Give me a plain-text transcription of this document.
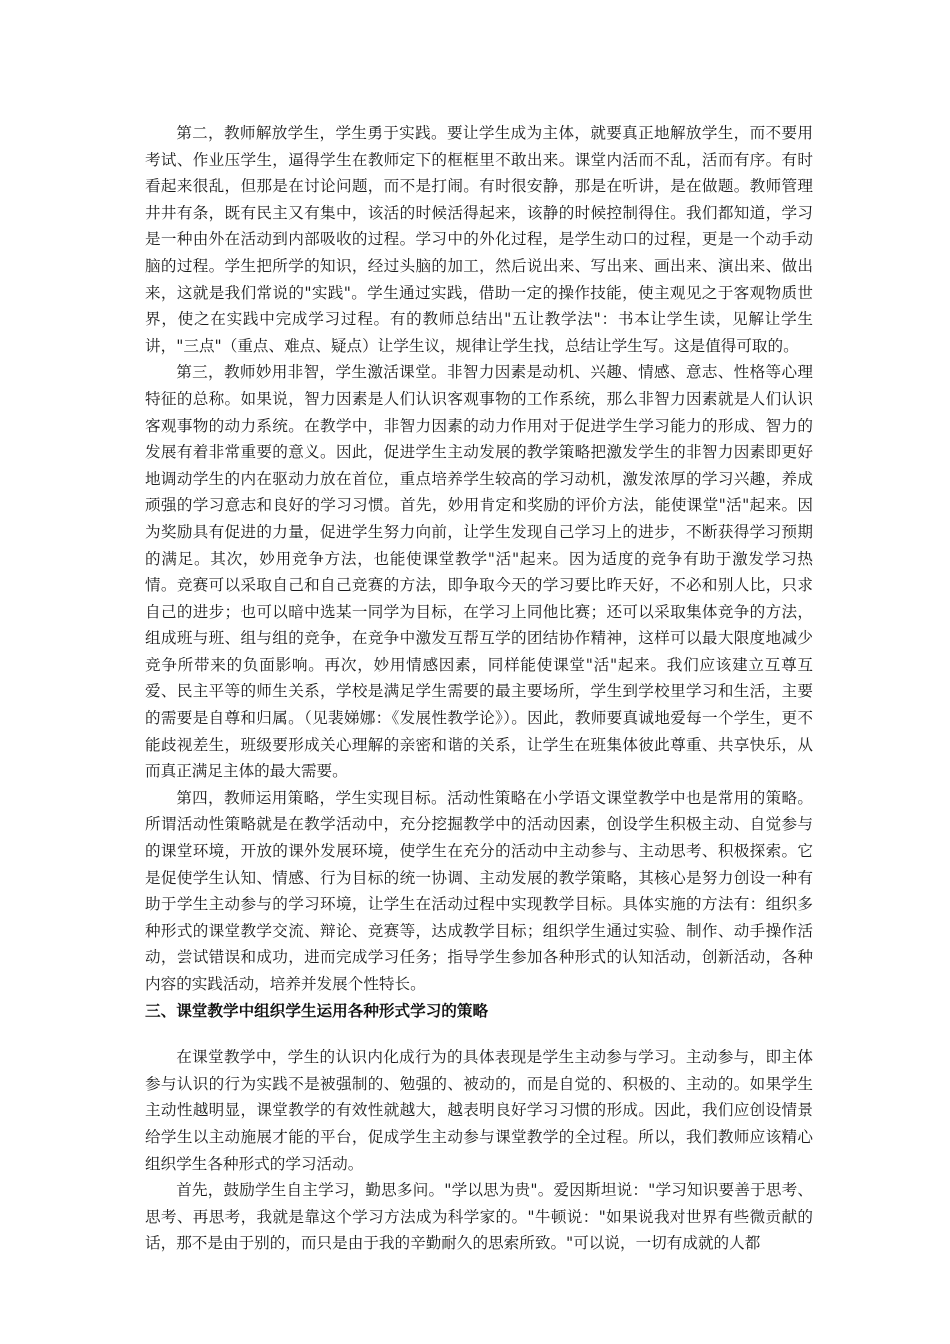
第二，教师解放学生，学生勇于实践。要让学生成为主体，就要真正地解放学生，而不要用考试、作业压学生，逼得学生在教师定下的框框里不敢出来。课堂内活而不乱，活而有序。有时看起来很乱，但那是在讨论问题，而不是打闹。有时很安静，那是在听讲，是在做题。教师管理井井有条，既有民主又有集中，该活的时候活得起来，该静的时候控制得住。我们都知道，学习是一种由外在活动到内部吸收的过程。学习中的外化过程，是学生动口的过程，更是一个动手动脑的过程。学生把所学的知识，经过头脑的加工，然后说出来、写出来、画出来、演出来、做出来，这就是我们常说的"实践"。学生通过实践，借助一定的操作技能，使主观见之于客观物质世界，使之在实践中完成学习过程。有的教师总结出"五让教学法"：书本让学生读，见解让学生讲，"三点"（重点、难点、疑点）让学生议，规律让学生找，总结让学生写。这是值得可取的。

第三，教师妙用非智，学生激活课堂。非智力因素是动机、兴趣、情感、意志、性格等心理特征的总称。如果说，智力因素是人们认识客观事物的工作系统，那么非智力因素就是人们认识客观事物的动力系统。在教学中，非智力因素的动力作用对于促进学生学习能力的形成、智力的发展有着非常重要的意义。因此，促进学生主动发展的教学策略把激发学生的非智力因素即更好地调动学生的内在驱动力放在首位，重点培养学生较高的学习动机，激发浓厚的学习兴趣，养成顽强的学习意志和良好的学习习惯。首先，妙用肯定和奖励的评价方法，能使课堂"活"起来。因为奖励具有促进的力量，促进学生努力向前，让学生发现自己学习上的进步，不断获得学习预期的满足。其次，妙用竞争方法，也能使课堂教学"活"起来。因为适度的竞争有助于激发学习热情。竞赛可以采取自己和自己竞赛的方法，即争取今天的学习要比昨天好，不必和别人比，只求自己的进步；也可以暗中选某一同学为目标，在学习上同他比赛；还可以采取集体竞争的方法，组成班与班、组与组的竞争，在竞争中激发互帮互学的团结协作精神，这样可以最大限度地减少竞争所带来的负面影响。再次，妙用情感因素，同样能使课堂"活"起来。我们应该建立互尊互爱、民主平等的师生关系，学校是满足学生需要的最主要场所，学生到学校里学习和生活，主要的需要是自尊和归属。（见裴娣娜：《发展性教学论》）。因此，教师要真诚地爱每一个学生，更不能歧视差生，班级要形成关心理解的亲密和谐的关系，让学生在班集体彼此尊重、共享快乐，从而真正满足主体的最大需要。

第四，教师运用策略，学生实现目标。活动性策略在小学语文课堂教学中也是常用的策略。所谓活动性策略就是在教学活动中，充分挖掘教学中的活动因素，创设学生积极主动、自觉参与的课堂环境，开放的课外发展环境，使学生在充分的活动中主动参与、主动思考、积极探索。它是促使学生认知、情感、行为目标的统一协调、主动发展的教学策略，其核心是努力创设一种有助于学生主动参与的学习环境，让学生在活动过程中实现教学目标。具体实施的方法有：组织多种形式的课堂教学交流、辩论、竞赛等，达成教学目标；组织学生通过实验、制作、动手操作活动，尝试错误和成功，进而完成学习任务；指导学生参加各种形式的认知活动，创新活动，各种内容的实践活动，培养并发展个性特长。

三、课堂教学中组织学生运用各种形式学习的策略

在课堂教学中，学生的认识内化成行为的具体表现是学生主动参与学习。主动参与，即主体参与认识的行为实践不是被强制的、勉强的、被动的，而是自觉的、积极的、主动的。如果学生主动性越明显，课堂教学的有效性就越大，越表明良好学习习惯的形成。因此，我们应创设情景给学生以主动施展才能的平台，促成学生主动参与课堂教学的全过程。所以，我们教师应该精心组织学生各种形式的学习活动。

首先，鼓励学生自主学习，勤思多问。"学以思为贵"。爱因斯坦说："学习知识要善于思考、思考、再思考，我就是靠这个学习方法成为科学家的。"牛顿说："如果说我对世界有些微贡献的话，那不是由于别的，而只是由于我的辛勤耐久的思索所致。"可以说，一切有成就的人都
